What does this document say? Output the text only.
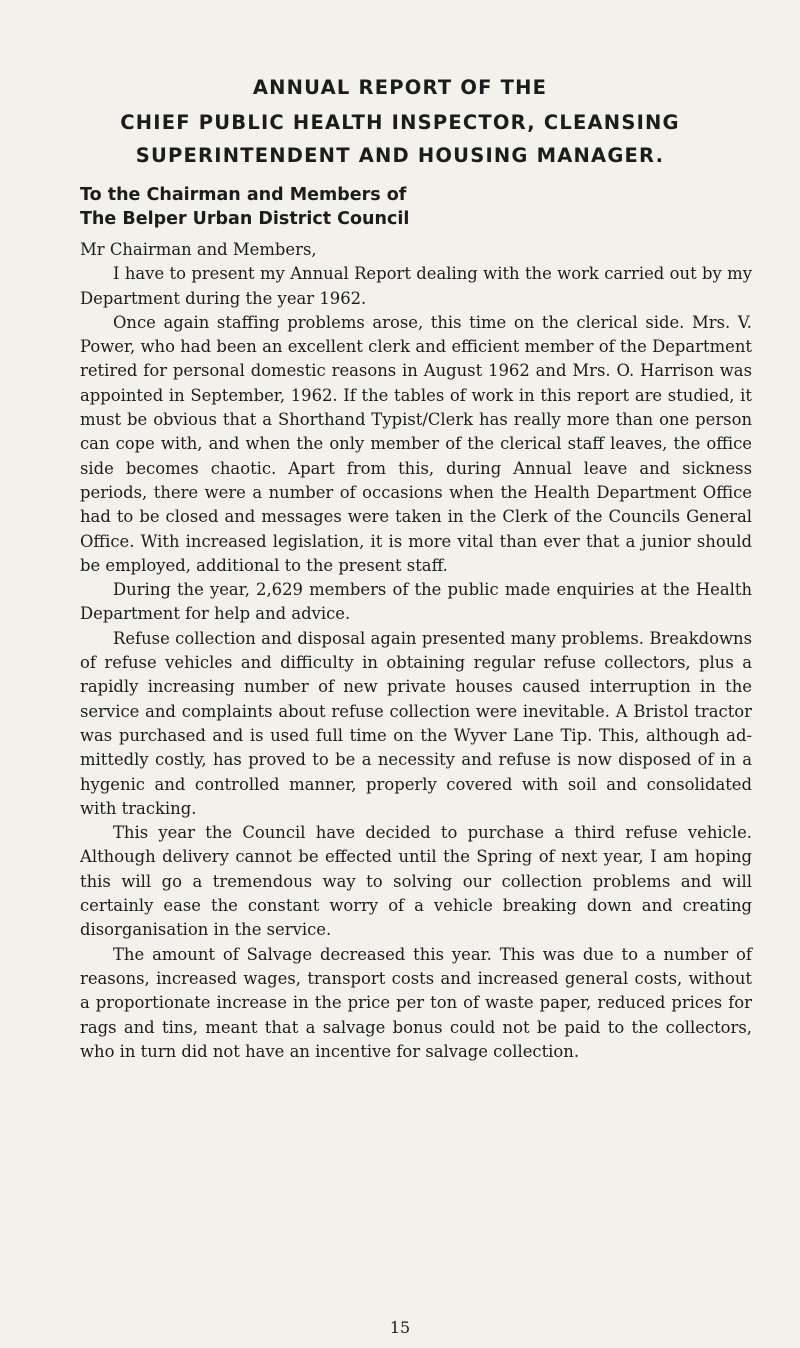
ANNUAL REPORT OF THE
CHIEF PUBLIC HEALTH INSPECTOR, CLEANSING
SUPERINTENDENT AND HOUSING MANAGER.

To the Chairman and Members of

The Belper Urban District Council

Mr Chairman and Members,

I have to present my Annual Report dealing with the work carried out by my Department during the year 1962.

Once again staffing problems arose, this time on the clerical side. Mrs. V. Power, who had been an excellent clerk and efficient member of the Department retired for personal domestic reasons in August 1962 and Mrs. O. Harrison was appointed in September, 1962. If the tables of work in this report are studied, it must be obvious that a Shorthand Typist/Clerk has really more than one person can cope with, and when the only member of the clerical staff leaves, the office side becomes chaotic. Apart from this, during Annual leave and sickness periods, there were a number of occasions when the Health Department Office had to be closed and messages were taken in the Clerk of the Councils General Office. With increased legislation, it is more vital than ever that a junior should be employed, additional to the present staff.

During the year, 2,629 members of the public made enquiries at the Health Department for help and advice.

Refuse collection and disposal again presented many problems. Breakdowns of refuse vehicles and difficulty in obtaining regular refuse collectors, plus a rapidly increasing number of new private houses caused interruption in the service and complaints about refuse collection were inevitable. A Bristol tractor was purchased and is used full time on the Wyver Lane Tip. This, although admittedly costly, has proved to be a necessity and refuse is now disposed of in a hygenic and controlled manner, properly covered with soil and consolidated with tracking.

This year the Council have decided to purchase a third refuse vehicle. Although delivery cannot be effected until the Spring of next year, I am hoping this will go a tremendous way to solving our collection problems and will certainly ease the constant worry of a vehicle breaking down and creating disorganisation in the service.

The amount of Salvage decreased this year. This was due to a number of reasons, increased wages, transport costs and increased general costs, without a proportionate increase in the price per ton of waste paper, reduced prices for rags and tins, meant that a salvage bonus could not be paid to the collectors, who in turn did not have an incentive for salvage collection.

15
